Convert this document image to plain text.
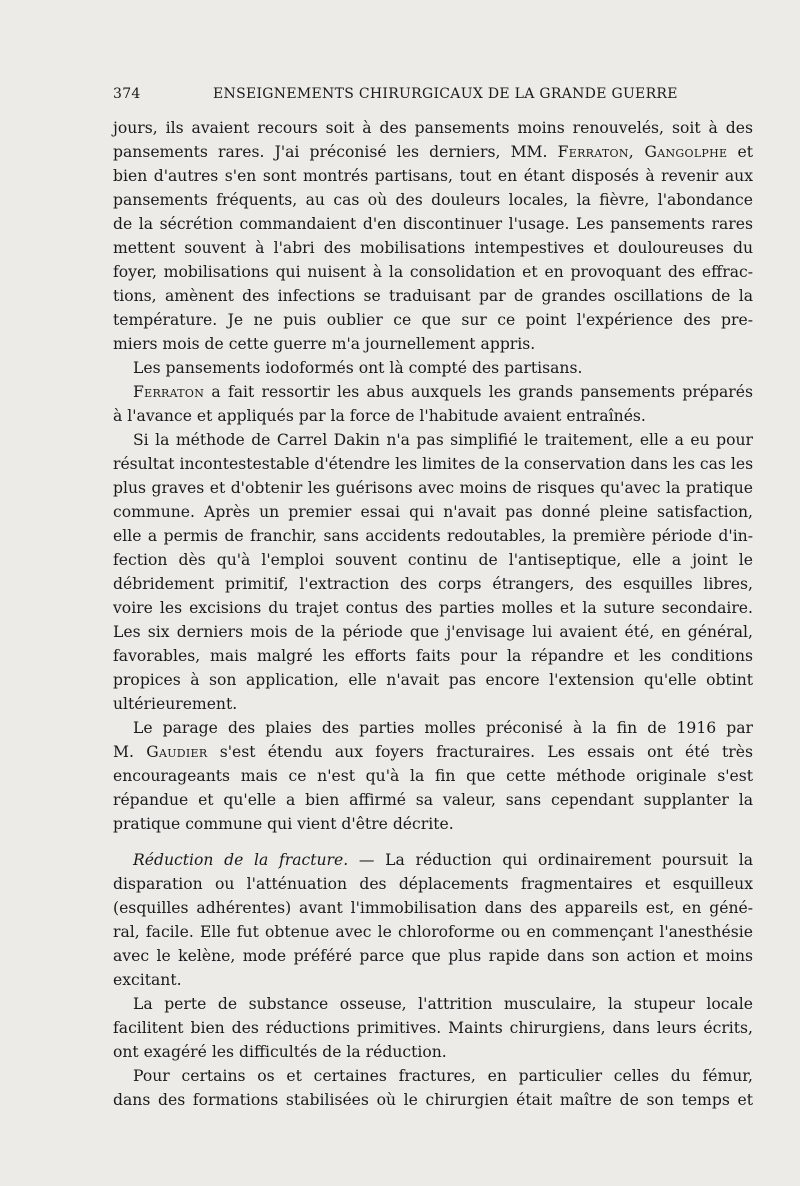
374	ENSEIGNEMENTS CHIRURGICAUX DE LA GRANDE GUERRE
jours, ils avaient recours soit à des pansements moins renouvelés, soit à des
pansements rares. J'ai préconisé les derniers, MM. Ferraton, Gangolphe et
bien d'autres s'en sont montrés partisans, tout en étant disposés à revenir aux
pansements fréquents, au cas où des douleurs locales, la fièvre, l'abondance
de la sécrétion commandaient d'en discontinuer l'usage. Les pansements rares
mettent souvent à l'abri des mobilisations intempestives et douloureuses du
foyer, mobilisations qui nuisent à la consolidation et en provoquant des effrac-
tions, amènent des infections se traduisant par de grandes oscillations de la
température. Je ne puis oublier ce que sur ce point l'expérience des pre-
miers mois de cette guerre m'a journellement appris.
Les pansements iodoformés ont là compté des partisans.
Ferraton a fait ressortir les abus auxquels les grands pansements préparés
à l'avance et appliqués par la force de l'habitude avaient entraînés.
Si la méthode de Carrel Dakin n'a pas simplifié le traitement, elle a eu pour
résultat incontestestable d'étendre les limites de la conservation dans les cas les
plus graves et d'obtenir les guérisons avec moins de risques qu'avec la pratique
commune. Après un premier essai qui n'avait pas donné pleine satisfaction,
elle a permis de franchir, sans accidents redoutables, la première période d'in-
fection dès qu'à l'emploi souvent continu de l'antiseptique, elle a joint le
débridement primitif, l'extraction des corps étrangers, des esquilles libres,
voire les excisions du trajet contus des parties molles et la suture secondaire.
Les six derniers mois de la période que j'envisage lui avaient été, en général,
favorables, mais malgré les efforts faits pour la répandre et les conditions
propices à son application, elle n'avait pas encore l'extension qu'elle obtint
ultérieurement.
Le parage des plaies des parties molles préconisé à la fin de 1916 par
M. Gaudier s'est étendu aux foyers fracturaires. Les essais ont été très
encourageants mais ce n'est qu'à la fin que cette méthode originale s'est
répandue et qu'elle a bien affirmé sa valeur, sans cependant supplanter la
pratique commune qui vient d'être décrite.
Réduction de la fracture. — La réduction qui ordinairement poursuit la
disparation ou l'atténuation des déplacements fragmentaires et esquilleux
(esquilles adhérentes) avant l'immobilisation dans des appareils est, en géné-
ral, facile. Elle fut obtenue avec le chloroforme ou en commençant l'anesthésie
avec le kelène, mode préféré parce que plus rapide dans son action et moins
excitant.
La perte de substance osseuse, l'attrition musculaire, la stupeur locale
facilitent bien des réductions primitives. Maints chirurgiens, dans leurs écrits,
ont exagéré les difficultés de la réduction.
Pour certains os et certaines fractures, en particulier celles du fémur,
dans des formations stabilisées où le chirurgien était maître de son temps et
